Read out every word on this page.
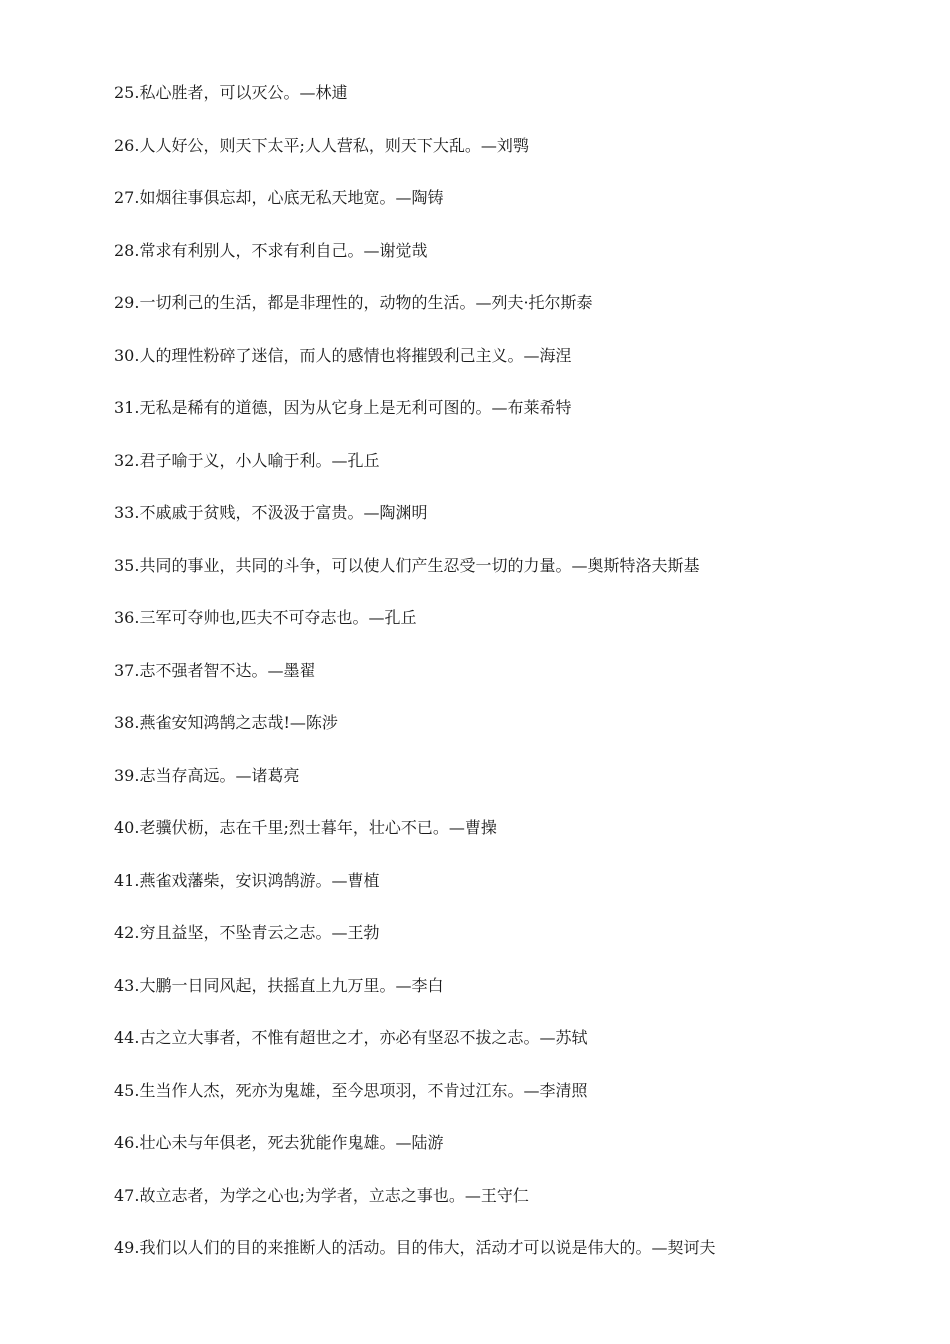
25.私心胜者，可以灭公。—林逋
26.人人好公，则天下太平;人人营私，则天下大乱。—刘鹗
27.如烟往事俱忘却，心底无私天地宽。—陶铸
28.常求有利别人，不求有利自己。—谢觉哉
29.一切利己的生活，都是非理性的，动物的生活。—列夫·托尔斯泰
30.人的理性粉碎了迷信，而人的感情也将摧毁利己主义。—海涅
31.无私是稀有的道德，因为从它身上是无利可图的。—布莱希特
32.君子喻于义，小人喻于利。—孔丘
33.不戚戚于贫贱，不汲汲于富贵。—陶渊明
35.共同的事业，共同的斗争，可以使人们产生忍受一切的力量。—奥斯特洛夫斯基
36.三军可夺帅也,匹夫不可夺志也。—孔丘
37.志不强者智不达。—墨翟
38.燕雀安知鸿鹄之志哉!—陈涉
39.志当存高远。—诸葛亮
40.老骥伏枥，志在千里;烈士暮年，壮心不已。—曹操
41.燕雀戏藩柴，安识鸿鹄游。—曹植
42.穷且益坚，不坠青云之志。—王勃
43.大鹏一日同风起，扶摇直上九万里。—李白
44.古之立大事者，不惟有超世之才，亦必有坚忍不拔之志。—苏轼
45.生当作人杰，死亦为鬼雄，至今思项羽，不肯过江东。—李清照
46.壮心未与年俱老，死去犹能作鬼雄。—陆游
47.故立志者，为学之心也;为学者，立志之事也。—王守仁
49.我们以人们的目的来推断人的活动。目的伟大，活动才可以说是伟大的。—契诃夫
